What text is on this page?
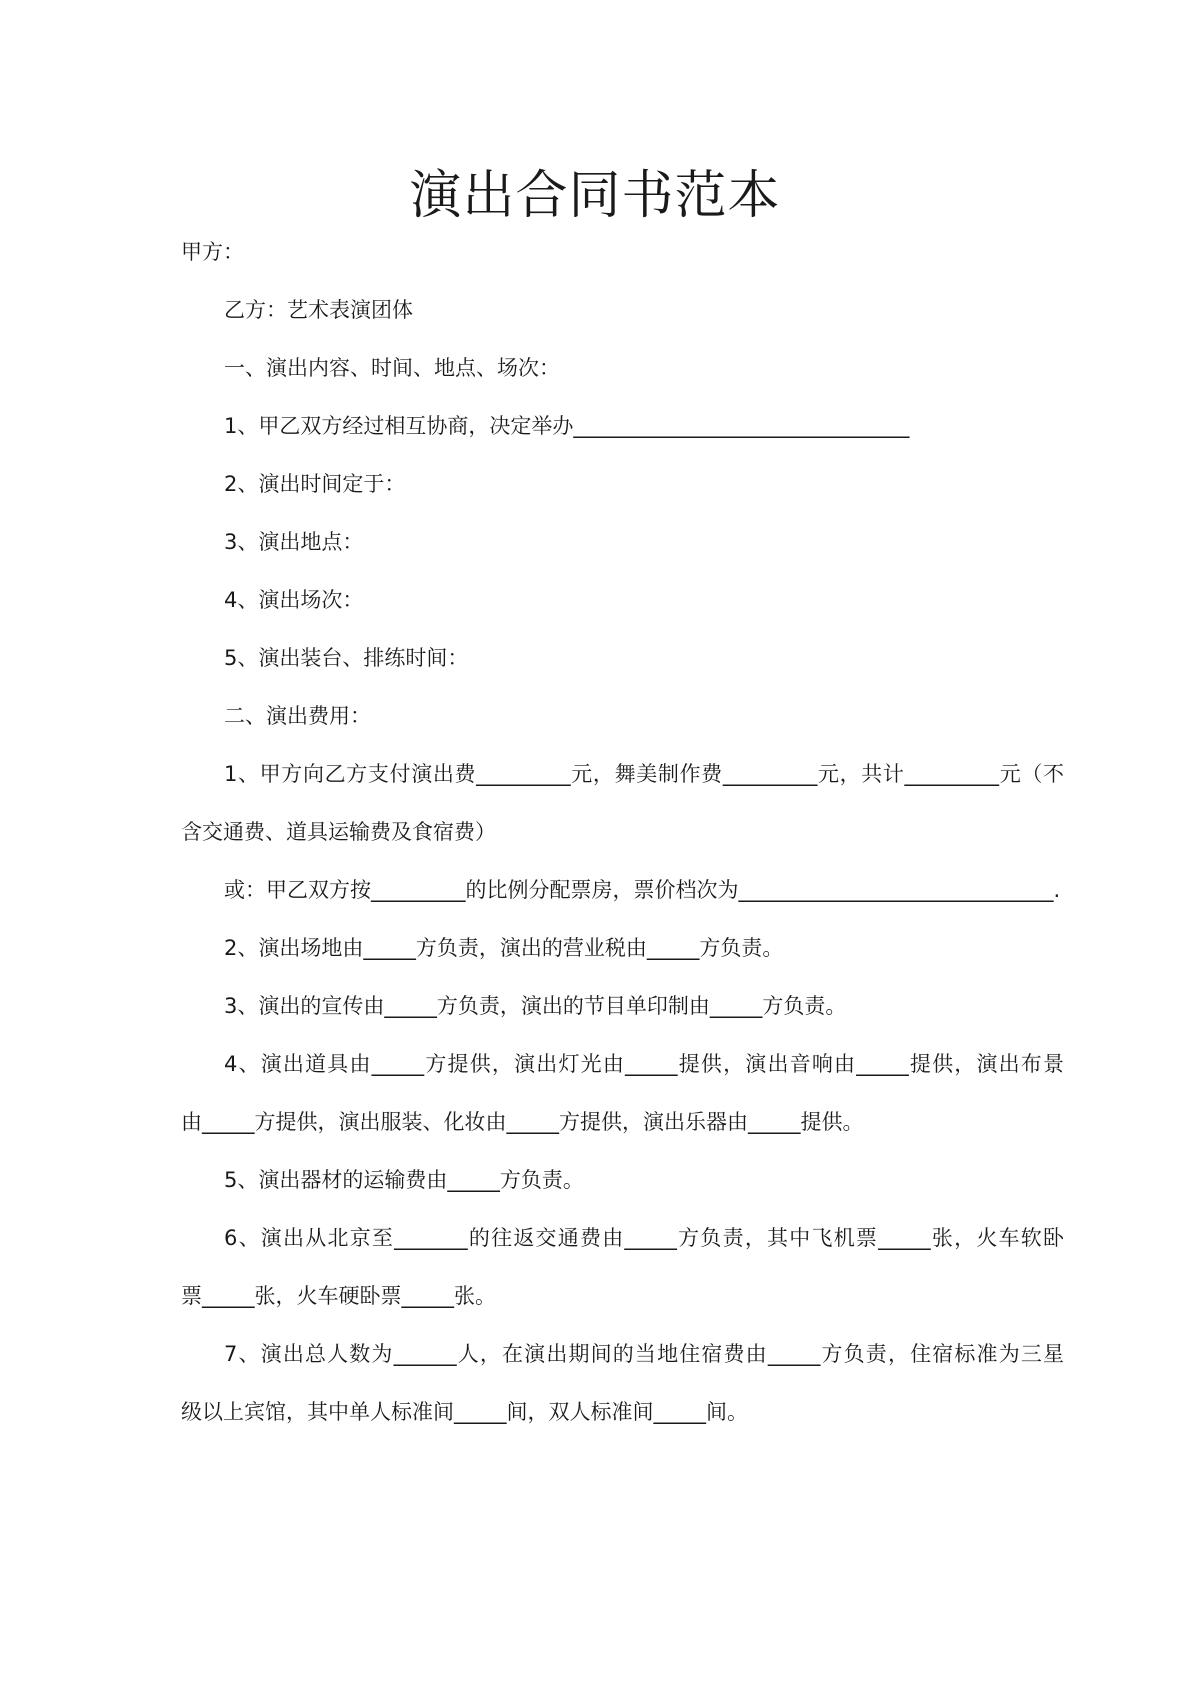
演出合同书范本
甲方：
乙方：艺术表演团体
一、演出内容、时间、地点、场次：
1、甲乙双方经过相互协商，决定举办________________________________
2、演出时间定于：
3、演出地点：
4、演出场次：
5、演出装台、排练时间：
二、演出费用：
1、甲方向乙方支付演出费_________元，舞美制作费_________元，共计_________元（不
含交通费、道具运输费及食宿费）
或：甲乙双方按_________的比例分配票房，票价档次为______________________________.
2、演出场地由_____方负责，演出的营业税由_____方负责。
3、演出的宣传由_____方负责，演出的节目单印制由_____方负责。
4、演出道具由_____方提供，演出灯光由_____提供，演出音响由_____提供，演出布景
由_____方提供，演出服装、化妆由_____方提供，演出乐器由_____提供。
5、演出器材的运输费由_____方负责。
6、演出从北京至_______的往返交通费由_____方负责，其中飞机票_____张，火车软卧
票_____张，火车硬卧票_____张。
7、演出总人数为______人，在演出期间的当地住宿费由_____方负责，住宿标准为三星
级以上宾馆，其中单人标准间_____间，双人标准间_____间。
